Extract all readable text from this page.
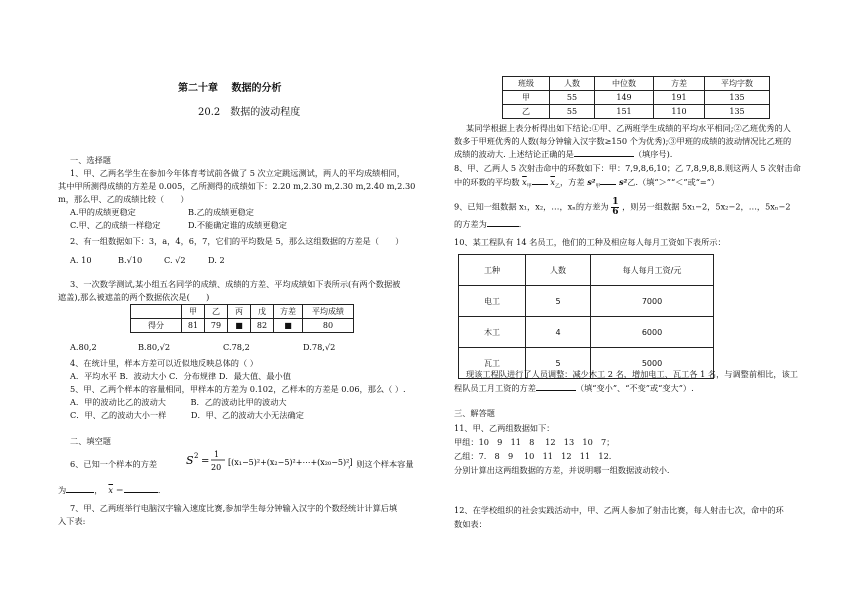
第二十章　 数据的分析
20.2　数据的波动程度
一、选择题
1、甲、乙两名学生在参加今年体育考试前各做了 5 次立定跳远测试，两人的平均成绩相同，
其中甲所测得成绩的方差是 0.005，乙所测得的成绩如下：2.20 m,2.30 m,2.30 m,2.40 m,2.30
m，那么甲、乙的成绩比较（　　）
A.甲的成绩更稳定	B.乙的成绩更稳定
C.甲、乙的成绩一样稳定	D.不能确定谁的成绩更稳定
2、有一组数据如下：3，a，4，6，7，它们的平均数是 5，那么这组数据的方差是（　　）
A. 10	B.√10	C. √2	D. 2
3、一次数学测试,某小组五名同学的成绩、成绩的方差、平均成绩如下表所示(有两个数据被
遮盖),那么被遮盖的两个数据依次是(　　)
	甲	乙	丙	戊	方差	平均成绩
得分	81	79	■	82	■	80
A.80,2	B.80,√2	C.78,2	D.78,√2
4、在统计里，样本方差可以近似地反映总体的（ ）
A．平均水平 B．波动大小 C．分布规律 D．最大值、最小值
5、甲、乙两个样本的容量相同，甲样本的方差为 0.102，乙样本的方差是 0.06，那么（ ）.
A．甲的波动比乙的波动大　　　B．乙的波动比甲的波动大
C．甲、乙的波动大小一样　　　D．甲、乙的波动大小无法确定
二、填空题
6、已知一个样本的方差	S 2 =
1
20
[(x₁−5)²+(x₂−5)²+⋯+(x₂₀−5)²]
，则这个样本容量
为	， $\overline{x}$ ＝	．
7、甲、乙两班举行电脑汉字输入速度比赛,参加学生每分钟输入汉字的个数经统计计算后填
入下表:
班级	人数	中位数	方差	平均字数
甲	55	149	191	135
乙	55	151	110	135
某同学根据上表分析得出如下结论:①甲、乙两班学生成绩的平均水平相同;②乙班优秀的人
数多于甲班优秀的人数(每分钟输入汉字数≥150 个为优秀);③甲班的成绩的波动情况比乙班的
成绩的波动大. 上述结论正确的是	（填序号).
8、甲、乙两人 5 次射击命中的环数如下：甲：7,9,8,6,10；乙 7,8,9,8,8.则这两人 5 次射击命
中的环数的平均数 $\overline{x}_甲$ $\overline{x}_乙$，方差 $s^2_甲$ s²乙.（填“＞”“＜”或“=”）
9、已知一组数据 x₁，x₂，…，xₙ的方差为 $\frac{1}{6}$ ，则另一组数据 5x₁−2，5x₂−2，…，5xₙ−2
的方差为	．
10、某工程队有 14 名员工，他们的工种及相应每人每月工资如下表所示：
工种	人数	每人每月工资/元
电工	5	7000
木工	4	6000
瓦工	5	5000
现该工程队进行了人员调整：减少木工 2 名，增加电工、瓦工各 1 名，与调整前相比，该工
程队员工月工资的方差	（填“变小”、“不变”或“变大”）.
三、解答题
11、甲、乙两组数据如下：
甲组：10　9　11　8　 12　13　10　7；
乙组：7.　8　9　 10　11　12　11　12.
分别计算出这两组数据的方差，并说明哪一组数据波动较小.
12、在学校组织的社会实践活动中，甲、乙两人参加了射击比赛，每人射击七次，命中的环
数如表：
